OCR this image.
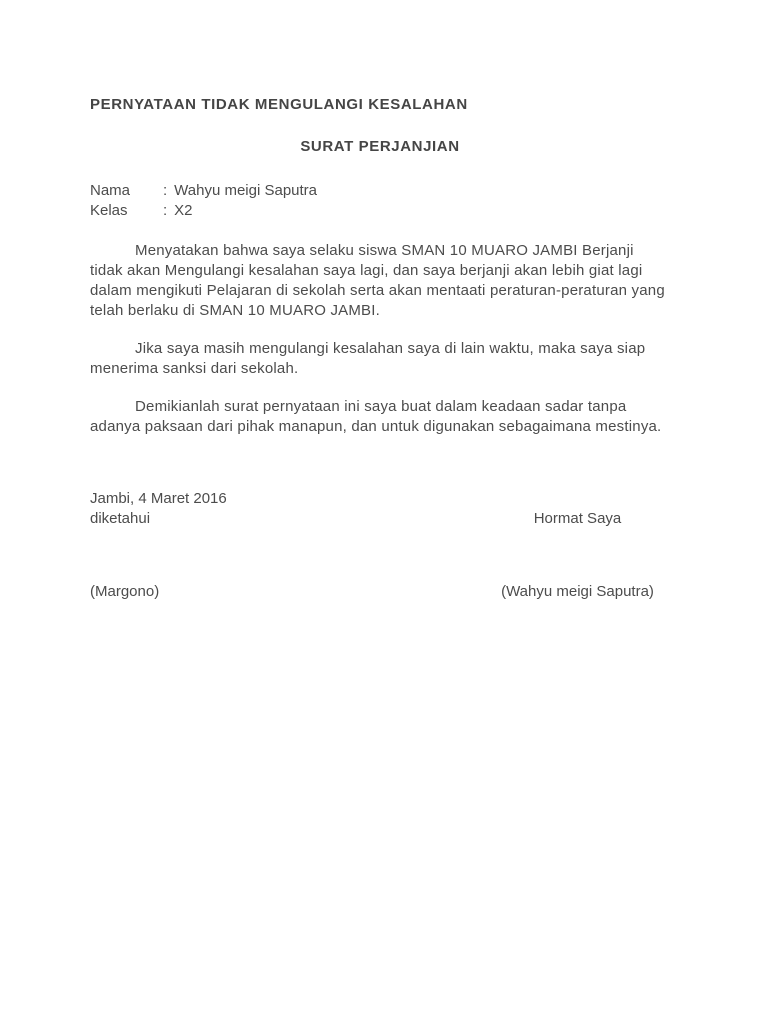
PERNYATAAN TIDAK MENGULANGI KESALAHAN
SURAT PERJANJIAN
Nama : Wahyu meigi Saputra
Kelas : X2

Menyatakan bahwa saya selaku siswa SMAN 10 MUARO JAMBI Berjanji tidak akan Mengulangi kesalahan saya lagi, dan saya berjanji akan lebih giat lagi dalam mengikuti Pelajaran di sekolah serta akan mentaati peraturan-peraturan yang telah berlaku di SMAN 10 MUARO JAMBI.

Jika saya masih mengulangi kesalahan saya di lain waktu, maka saya siap menerima sanksi dari sekolah.

Demikianlah surat pernyataan ini saya buat dalam keadaan sadar tanpa adanya paksaan dari pihak manapun, dan untuk digunakan sebagaimana mestinya.

Jambi, 4 Maret 2016
diketahui	Hormat Saya
(Margono)	(Wahyu meigi Saputra)
